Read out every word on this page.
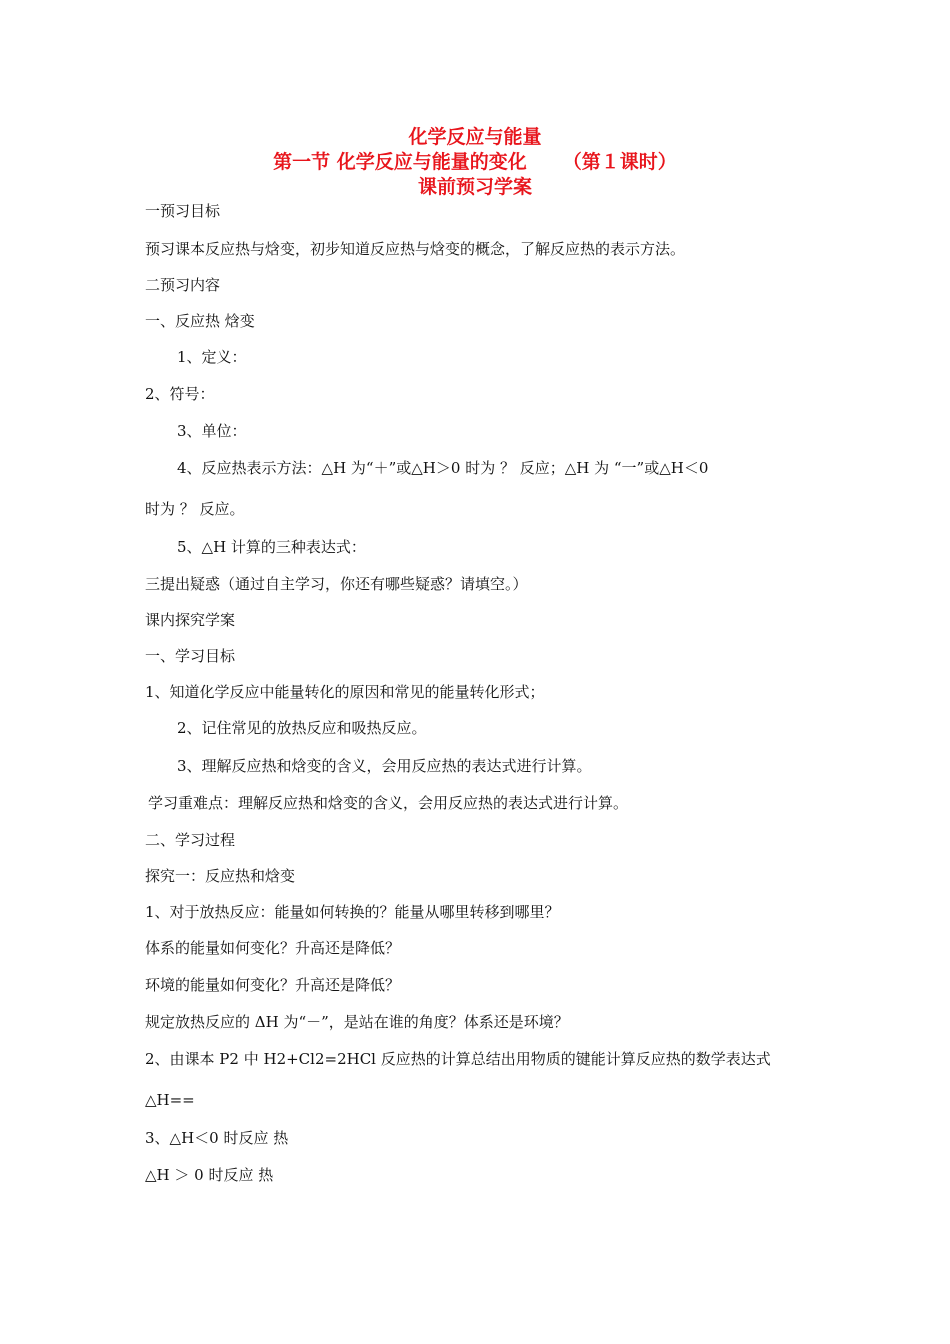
化学反应与能量
第一节 化学反应与能量的变化 （第１课时）
课前预习学案
一预习目标
预习课本反应热与焓变，初步知道反应热与焓变的概念，了解反应热的表示方法。
二预习内容
一、反应热 焓变
1、定义：
2、符号：
3、单位：
4、反应热表示方法：△H 为“＋”或△H＞0 时为 ？ 反应；△H 为 “一”或△H＜0
时为 ？ 反应。
5、△H 计算的三种表达式：
三提出疑惑（通过自主学习，你还有哪些疑惑？请填空。）
课内探究学案
一、学习目标
1、知道化学反应中能量转化的原因和常见的能量转化形式；
2、记住常见的放热反应和吸热反应。
3、理解反应热和焓变的含义，会用反应热的表达式进行计算。
学习重难点：理解反应热和焓变的含义，会用反应热的表达式进行计算。
二、学习过程
探究一：反应热和焓变
1、对于放热反应：能量如何转换的？能量从哪里转移到哪里？
体系的能量如何变化？升高还是降低？
环境的能量如何变化？升高还是降低？
规定放热反应的 ΔH 为“－”，是站在谁的角度？体系还是环境？
2、由课本 P2 中 H2+Cl2=2HCl 反应热的计算总结出用物质的键能计算反应热的数学表达式
△H==
3、△H＜0 时反应 热
△H ＞ 0 时反应 热
